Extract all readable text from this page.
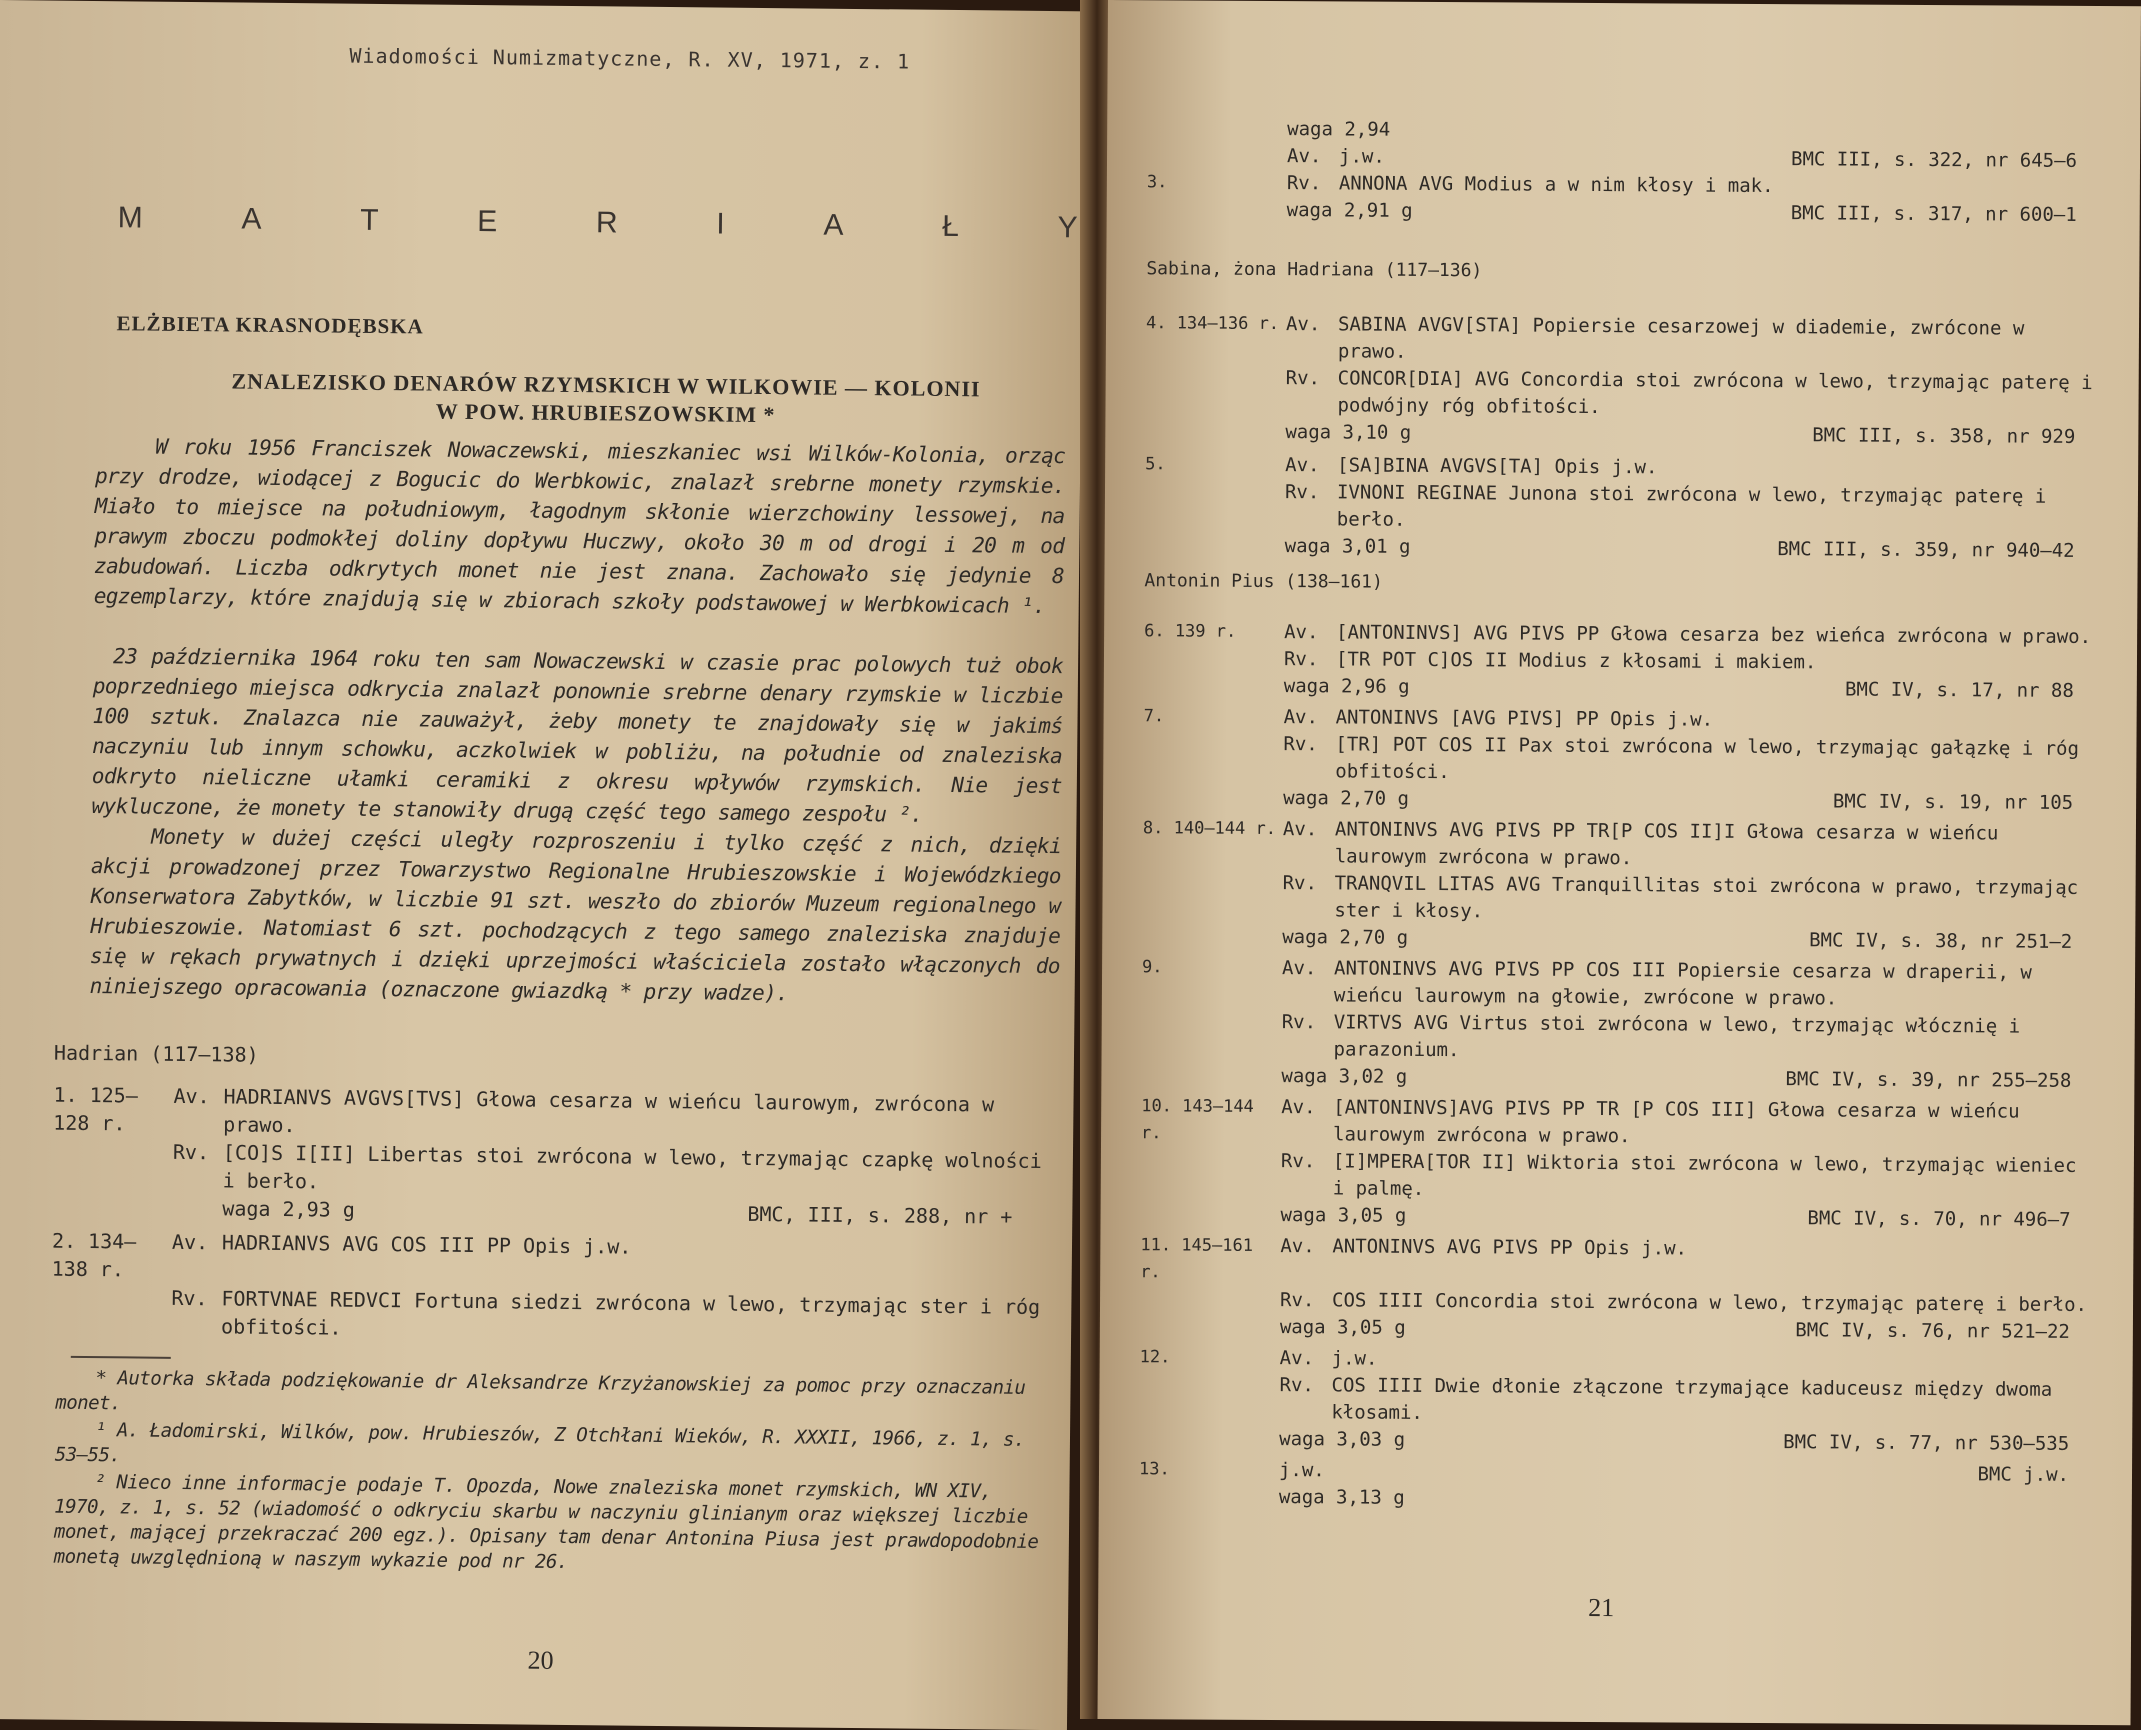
Wiadomości Numizmatyczne, R. XV, 1971, z. 1
M	A	T	E	R	I	A	Ł	Y
ELŻBIETA KRASNODĘBSKA
ZNALEZISKO DENARÓW RZYMSKICH W WILKOWIE — KOLONII
W POW. HRUBIESZOWSKIM *
W roku 1956 Franciszek Nowaczewski, mieszkaniec wsi Wilków-Kolonia, orząc przy drodze, wiodącej z Bogucic do Werbkowic, znalazł srebrne monety rzymskie. Miało to miejsce na południowym, łagodnym skłonie wierzchowiny lessowej, na prawym zboczu podmokłej doliny dopływu Huczwy, około 30 m od drogi i 20 m od zabudowań. Liczba odkrytych monet nie jest znana. Zachowało się jedynie 8 egzemplarzy, które znajdują się w zbiorach szkoły podstawowej w Werbkowicach ¹.
23 października 1964 roku ten sam Nowaczewski w czasie prac polowych tuż obok poprzedniego miejsca odkrycia znalazł ponownie srebrne denary rzymskie w liczbie 100 sztuk. Znalazca nie zauważył, żeby monety te znajdowały się w jakimś naczyniu lub innym schowku, aczkolwiek w pobliżu, na południe od znaleziska odkryto nieliczne ułamki ceramiki z okresu wpływów rzymskich. Nie jest wykluczone, że monety te stanowiły drugą część tego samego zespołu ².
Monety w dużej części uległy rozproszeniu i tylko część z nich, dzięki akcji prowadzonej przez Towarzystwo Regionalne Hrubieszowskie i Wojewódzkiego Konserwatora Zabytków, w liczbie 91 szt. weszło do zbiorów Muzeum regionalnego w Hrubieszowie. Natomiast 6 szt. pochodzących z tego samego znaleziska znajduje się w rękach prywatnych i dzięki uprzejmości właściciela zostało włączonych do niniejszego opracowania (oznaczone gwiazdką * przy wadze).
Hadrian (117—138)
1. 125—128 r.
Av. HADRIANVS AVGVS[TVS] Głowa cesarza w wieńcu laurowym, zwrócona w prawo.
Rv. [CO]S I[II] Libertas stoi zwrócona w lewo, trzymając czapkę wolności i berło.
waga 2,93 g	BMC, III, s. 288, nr +
2. 134—138 r.
Av. HADRIANVS AVG COS III PP Opis j.w.
Rv. FORTVNAE REDVCI Fortuna siedzi zwrócona w lewo, trzymając ster i róg obfitości.

* Autorka składa podziękowanie dr Aleksandrze Krzyżanowskiej za pomoc przy oznaczaniu monet.

¹ A. Ładomirski, Wilków, pow. Hrubieszów, Z Otchłani Wieków, R. XXXII, 1966, z. 1, s. 53—55.

² Nieco inne informacje podaje T. Opozda, Nowe znaleziska monet rzymskich, WN XIV, 1970, z. 1, s. 52 (wiadomość o odkryciu skarbu w naczyniu glinianym oraz większej liczbie monet, mającej przekraczać 200 egz.). Opisany tam denar Antonina Piusa jest prawdopodobnie monetą uwzględnioną w naszym wykazie pod nr 26.

20
waga 2,94
Av. j.w.	BMC III, s. 322, nr 645—6
3.	Rv. ANNONA AVG Modius a w nim kłosy i mak.
waga 2,91 g	BMC III, s. 317, nr 600—1
Sabina, żona Hadriana (117—136)
4. 134—136 r. Av. SABINA AVGV[STA] Popiersie cesarzowej w diademie, zwrócone w prawo.
Rv. CONCOR[DIA] AVG Concordia stoi zwrócona w lewo, trzymając paterę i podwójny róg obfitości.
waga 3,10 g	BMC III, s. 358, nr 929
5.	Av. [SA]BINA AVGVS[TA] Opis j.w.
Rv. IVNONI REGINAE Junona stoi zwrócona w lewo, trzymając paterę i berło.
waga 3,01 g	BMC III, s. 359, nr 940—42
Antonin Pius (138—161)
6. 139 r.	Av. [ANTONINVS] AVG PIVS PP Głowa cesarza bez wieńca zwrócona w prawo.
Rv. [TR POT C]OS II Modius z kłosami i makiem.
waga 2,96 g	BMC IV, s. 17, nr 88
7.	Av. ANTONINVS [AVG PIVS] PP Opis j.w.
Rv. [TR] POT COS II Pax stoi zwrócona w lewo, trzymając gałązkę i róg obfitości.
waga 2,70 g	BMC IV, s. 19, nr 105
8. 140—144 r. Av. ANTONINVS AVG PIVS PP TR[P COS II]I Głowa cesarza w wieńcu laurowym zwrócona w prawo.
Rv. TRANQVIL LITAS AVG Tranquillitas stoi zwrócona w prawo, trzymając ster i kłosy.
waga 2,70 g	BMC IV, s. 38, nr 251—2
9.	Av. ANTONINVS AVG PIVS PP COS III Popiersie cesarza w draperii, w wieńcu laurowym na głowie, zwrócone w prawo.
Rv. VIRTVS AVG Virtus stoi zwrócona w lewo, trzymając włócznię i parazonium.
waga 3,02 g	BMC IV, s. 39, nr 255—258
10. 143—144 r.
Av. [ANTONINVS]AVG PIVS PP TR [P COS III] Głowa cesarza w wieńcu laurowym zwrócona w prawo.
Rv. [I]MPERA[TOR II] Wiktoria stoi zwrócona w lewo, trzymając wieniec i palmę.
waga 3,05 g	BMC IV, s. 70, nr 496—7
11. 145—161 r.
Av. ANTONINVS AVG PIVS PP Opis j.w.
Rv. COS IIII Concordia stoi zwrócona w lewo, trzymając paterę i berło.
waga 3,05 g	BMC IV, s. 76, nr 521—22
12.	Av. j.w.
Rv. COS IIII Dwie dłonie złączone trzymające kaduceusz między dwoma kłosami.
waga 3,03 g	BMC IV, s. 77, nr 530—535
13.	j.w.	BMC j.w.
waga 3,13 g
21
